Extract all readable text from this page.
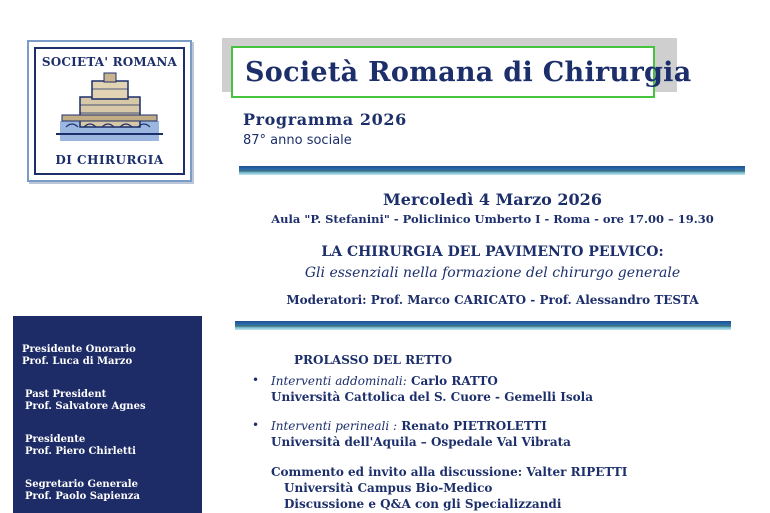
SOCIETA' ROMANA
DI CHIRURGIA
Società Romana di Chirurgia
Programma 2026
87° anno sociale
Mercoledì 4 Marzo 2026
Aula "P. Stefanini" - Policlinico Umberto I - Roma - ore 17.00 – 19.30
LA CHIRURGIA DEL PAVIMENTO PELVICO:
Gli essenziali nella formazione del chirurgo generale
Moderatori: Prof. Marco CARICATO - Prof. Alessandro TESTA
Presidente Onorario
Prof. Luca di Marzo
Past President
Prof. Salvatore Agnes
Presidente
Prof. Piero Chirletti
Segretario Generale
Prof. Paolo Sapienza
PROLASSO DEL RETTO
• Interventi addominali: Carlo RATTO
Università Cattolica del S. Cuore - Gemelli Isola
• Interventi perineali : Renato PIETROLETTI
Università dell'Aquila – Ospedale Val Vibrata
Commento ed invito alla discussione: Valter RIPETTI
Università Campus Bio-Medico
Discussione e Q&A con gli Specializzandi
